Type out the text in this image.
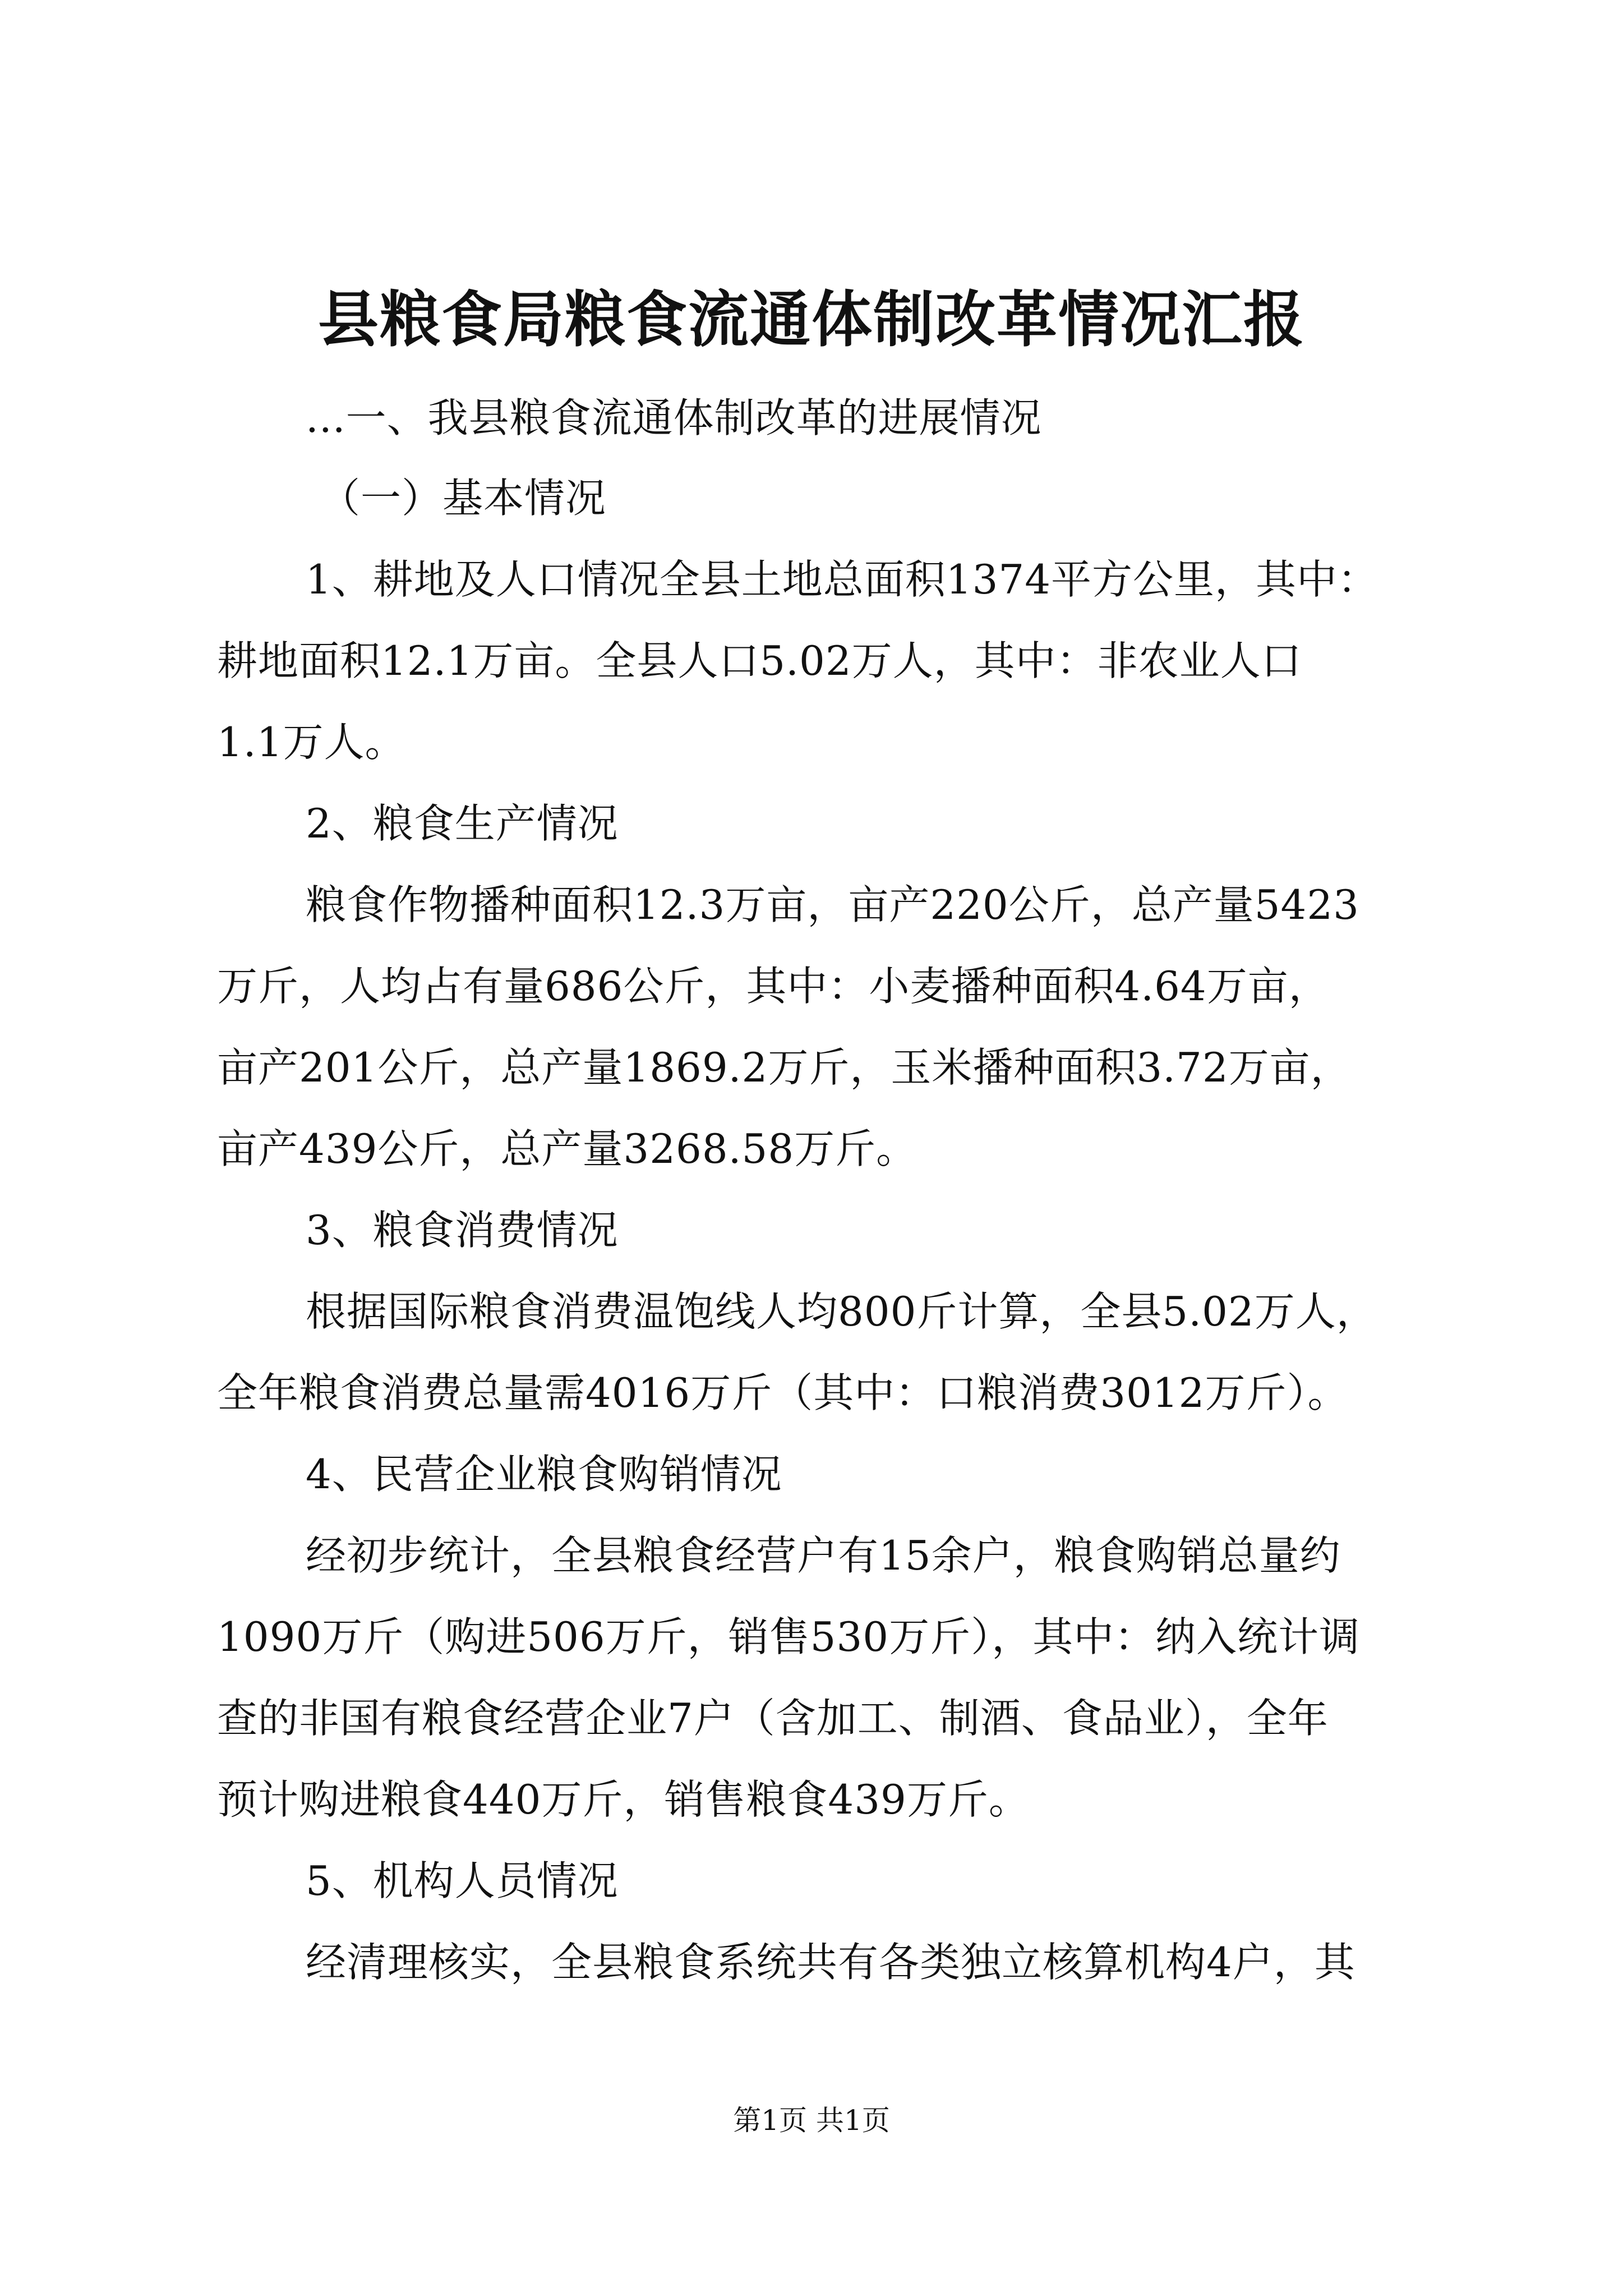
县粮食局粮食流通体制改革情况汇报
...一、我县粮食流通体制改革的进展情况
（一）基本情况
1、耕地及人口情况全县土地总面积1374平方公里，其中：
耕地面积12.1万亩。全县人口5.02万人，其中：非农业人口
1.1万人。
2、粮食生产情况
粮食作物播种面积12.3万亩，亩产220公斤，总产量5423
万斤，人均占有量686公斤，其中：小麦播种面积4.64万亩，
亩产201公斤，总产量1869.2万斤，玉米播种面积3.72万亩，
亩产439公斤，总产量3268.58万斤。
3、粮食消费情况
根据国际粮食消费温饱线人均800斤计算，全县5.02万人，
全年粮食消费总量需4016万斤（其中：口粮消费3012万斤）。
4、民营企业粮食购销情况
经初步统计，全县粮食经营户有15余户，粮食购销总量约
1090万斤（购进506万斤，销售530万斤），其中：纳入统计调
查的非国有粮食经营企业7户（含加工、制酒、食品业），全年
预计购进粮食440万斤，销售粮食439万斤。
5、机构人员情况
经清理核实，全县粮食系统共有各类独立核算机构4户，其
第1页 共1页
